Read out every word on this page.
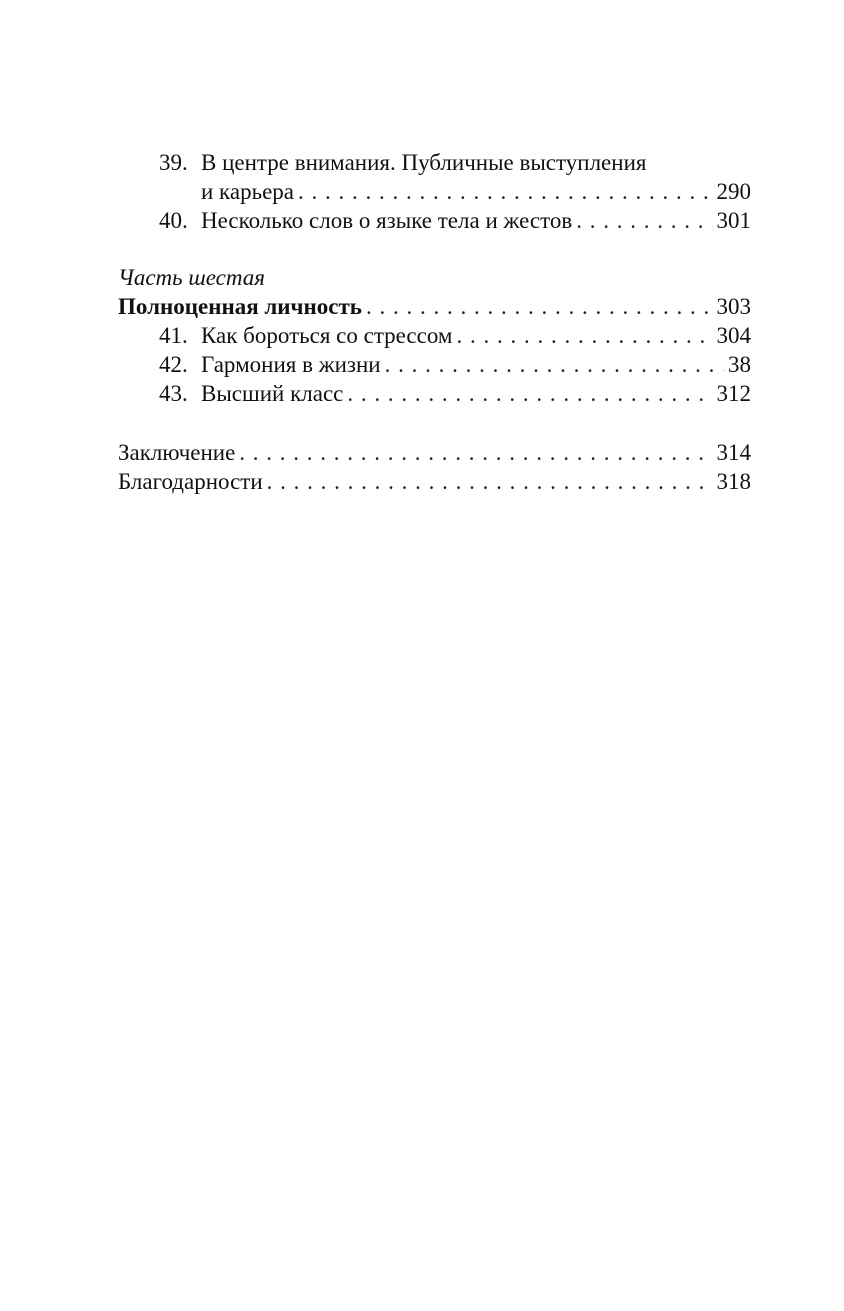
39. В центре внимания. Публичные выступления
и карьера . . .	290
40. Несколько слов о языке тела и жестов . . .	301
Часть шестая
Полноценная личность . . .	303
41. Как бороться со стрессом . . .	304
42. Гармония в жизни . . .	38
43. Высший класс . . .	312
Заключение . . .	314
Благодарности . . .	318
